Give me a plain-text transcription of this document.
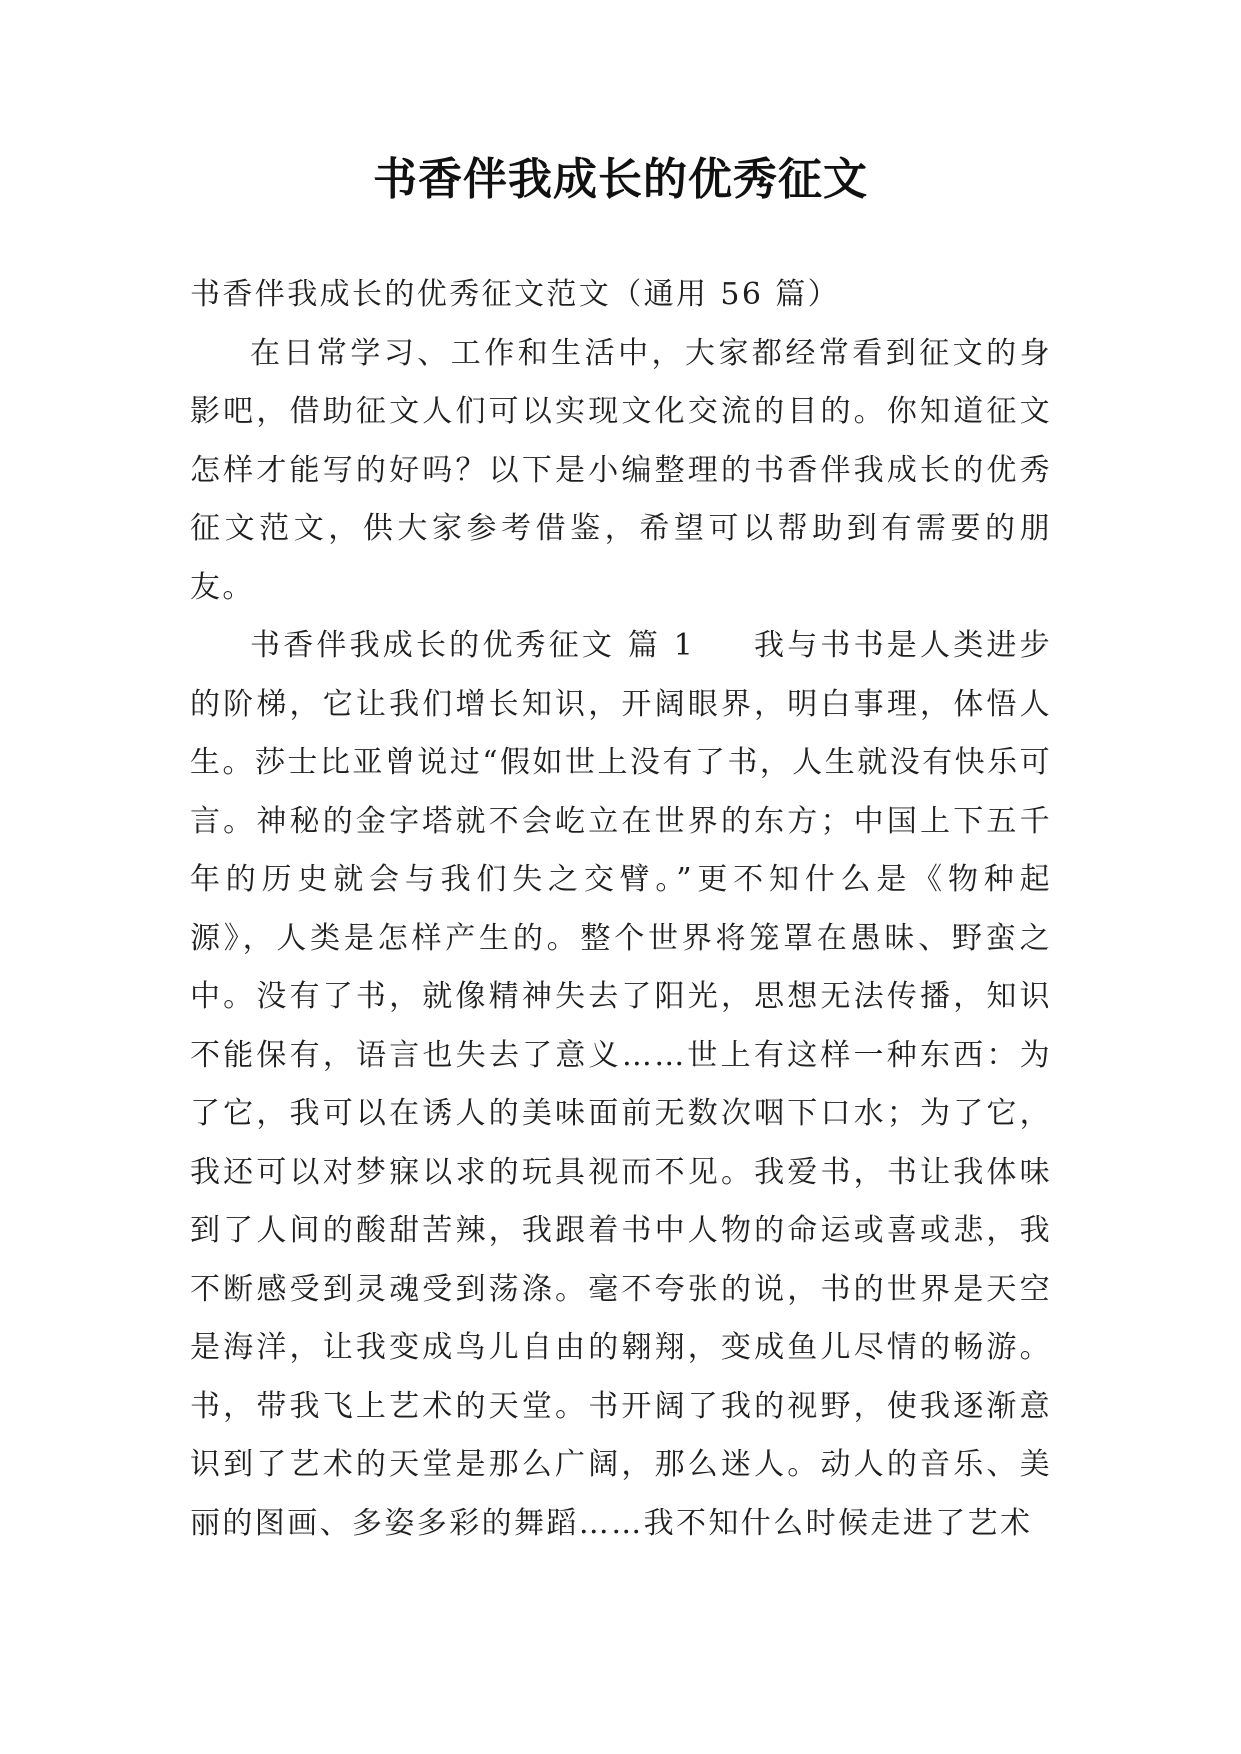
书香伴我成长的优秀征文

书香伴我成长的优秀征文范文（通用 56 篇）

在日常学习、工作和生活中，大家都经常看到征文的身影吧，借助征文人们可以实现文化交流的目的。你知道征文怎样才能写的好吗？以下是小编整理的书香伴我成长的优秀征文范文，供大家参考借鉴，希望可以帮助到有需要的朋友。

书香伴我成长的优秀征文 篇 1 我与书书是人类进步的阶梯，它让我们增长知识，开阔眼界，明白事理，体悟人生。莎士比亚曾说过“假如世上没有了书，人生就没有快乐可言。神秘的金字塔就不会屹立在世界的东方；中国上下五千年的历史就会与我们失之交臂。”更不知什么是《物种起源》，人类是怎样产生的。整个世界将笼罩在愚昧、野蛮之中。没有了书，就像精神失去了阳光，思想无法传播，知识不能保有，语言也失去了意义……世上有这样一种东西：为了它，我可以在诱人的美味面前无数次咽下口水；为了它，我还可以对梦寐以求的玩具视而不见。我爱书，书让我体味到了人间的酸甜苦辣，我跟着书中人物的命运或喜或悲，我不断感受到灵魂受到荡涤。毫不夸张的说，书的世界是天空是海洋，让我变成鸟儿自由的翱翔，变成鱼儿尽情的畅游。书，带我飞上艺术的天堂。书开阔了我的视野，使我逐渐意识到了艺术的天堂是那么广阔，那么迷人。动人的音乐、美丽的图画、多姿多彩的舞蹈……我不知什么时候走进了艺术
